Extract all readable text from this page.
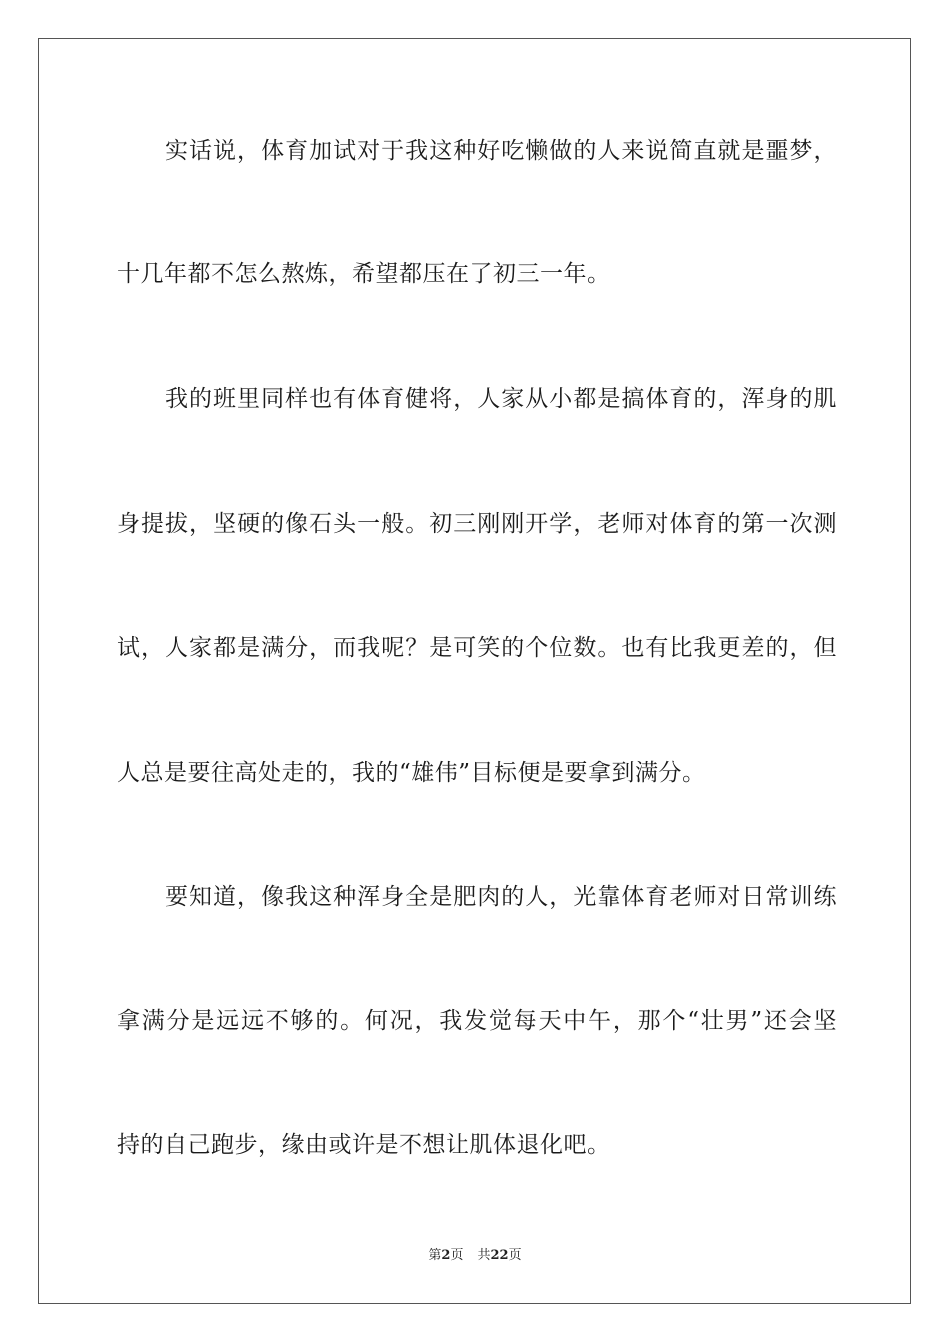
实话说，体育加试对于我这种好吃懒做的人来说简直就是噩梦，
十几年都不怎么熬炼，希望都压在了初三一年。
我的班里同样也有体育健将，人家从小都是搞体育的，浑身的肌
身提拔，坚硬的像石头一般。初三刚刚开学，老师对体育的第一次测
试，人家都是满分，而我呢？是可笑的个位数。也有比我更差的，但
人总是要往高处走的，我的“雄伟”目标便是要拿到满分。
要知道，像我这种浑身全是肥肉的人，光靠体育老师对日常训练
拿满分是远远不够的。何况，我发觉每天中午，那个“壮男”还会坚
持的自己跑步，缘由或许是不想让肌体退化吧。
第2页 共22页
